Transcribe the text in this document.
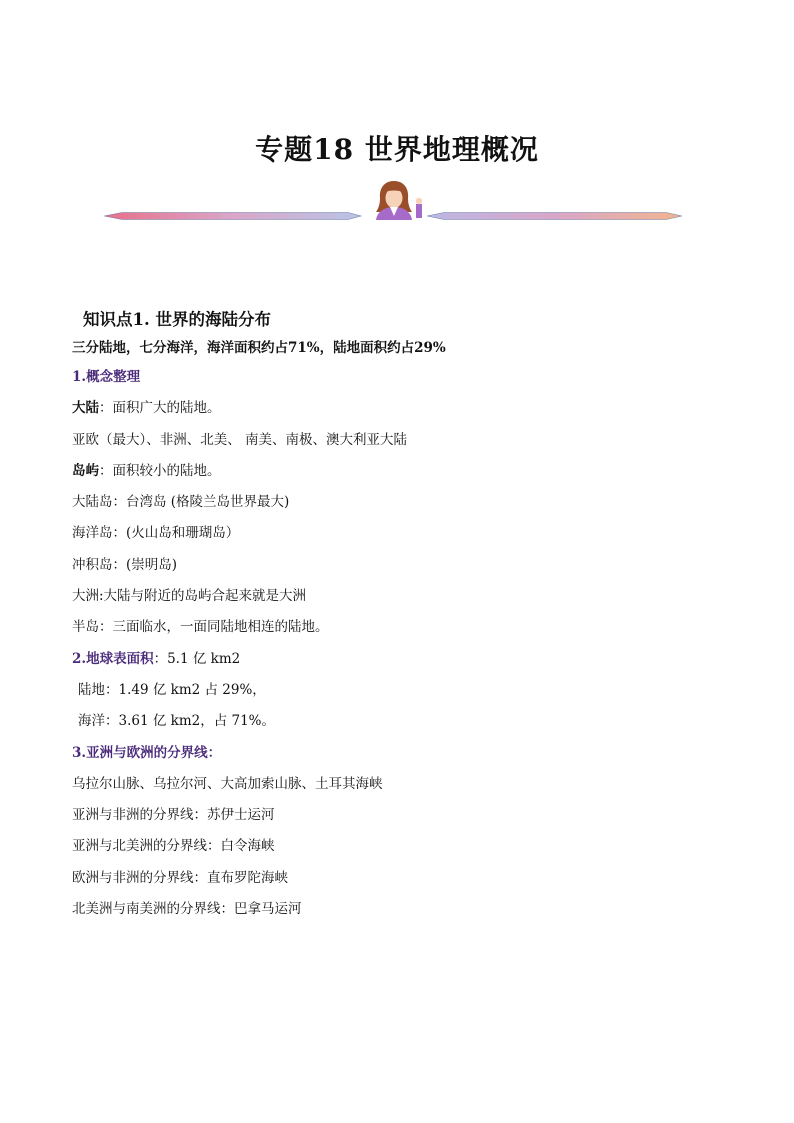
专题18 世界地理概况

知识点1. 世界的海陆分布

三分陆地，七分海洋，海洋面积约占71%，陆地面积约占29%

1.概念整理

大陆：面积广大的陆地。

亚欧（最大）、非洲、北美、 南美、南极、澳大利亚大陆

岛屿：面积较小的陆地。

大陆岛：台湾岛 (格陵兰岛世界最大)

海洋岛：(火山岛和珊瑚岛）

冲积岛：(崇明岛)

大洲:大陆与附近的岛屿合起来就是大洲

半岛：三面临水，一面同陆地相连的陆地。

2.地球表面积：5.1 亿 km2

陆地：1.49 亿 km2 占 29%，

海洋：3.61 亿 km2，占 71%。

3.亚洲与欧洲的分界线：

乌拉尔山脉、乌拉尔河、大高加索山脉、土耳其海峡

亚洲与非洲的分界线：苏伊士运河

亚洲与北美洲的分界线：白令海峡

欧洲与非洲的分界线：直布罗陀海峡

北美洲与南美洲的分界线：巴拿马运河
